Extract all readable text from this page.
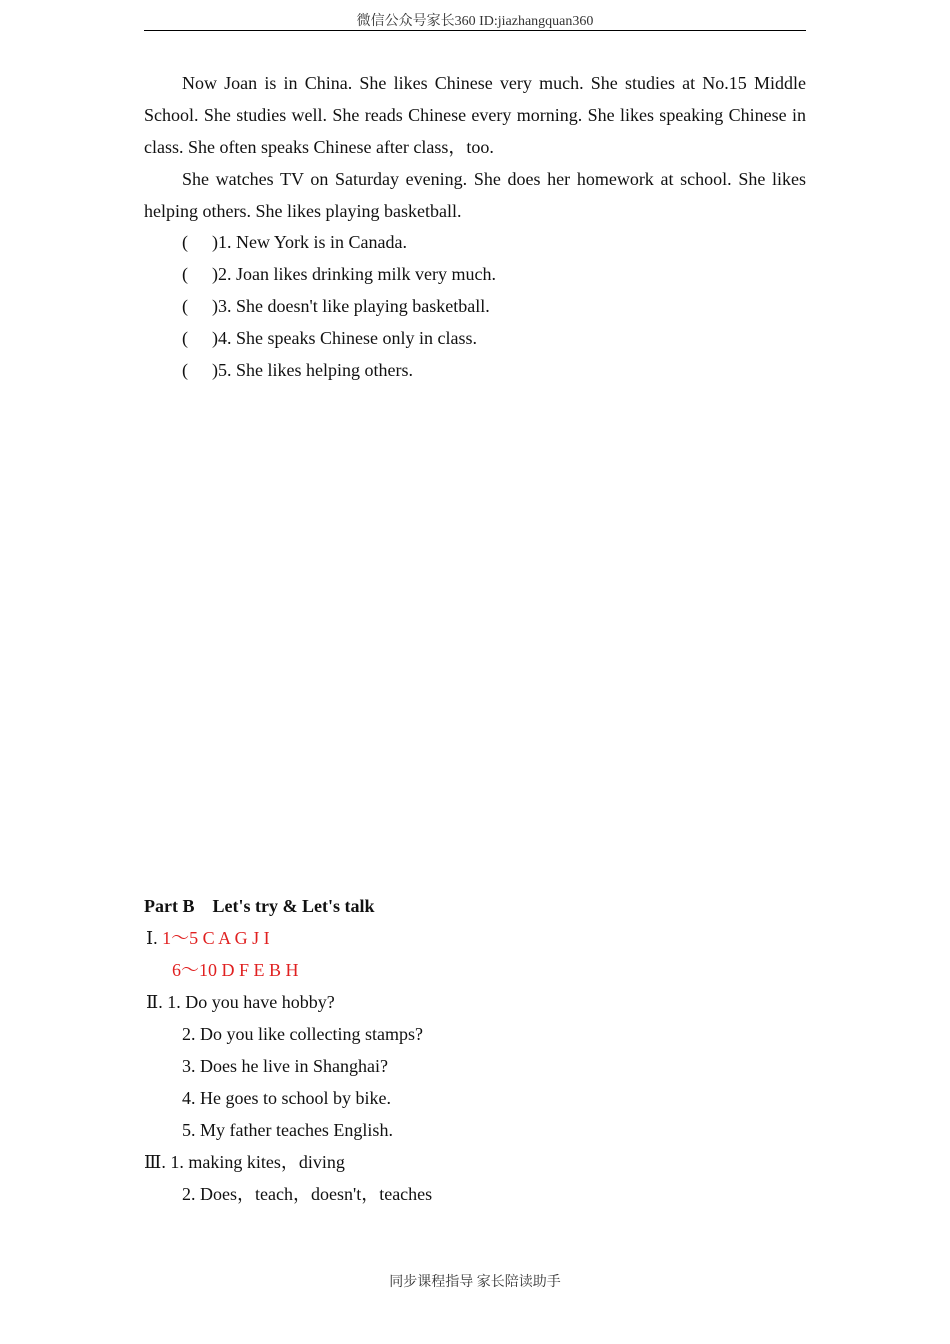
微信公众号家长360 ID:jiazhangquan360

Now Joan is in China. She likes Chinese very much. She studies at No.15 Middle School. She studies well. She reads Chinese every morning. She likes speaking Chinese in class. She often speaks Chinese after class，too.

She watches TV on Saturday evening. She does her homework at school. She likes helping others. She likes playing basketball.

( )1. New York is in Canada.
( )2. Joan likes drinking milk very much.
( )3. She doesn't like playing basketball.
( )4. She speaks Chinese only in class.
( )5. She likes helping others.
Part B　Let's try & Let's talk
Ⅰ. 1～5 C A G J I
6～10 D F E B H
Ⅱ. 1. Do you have hobby?
2. Do you like collecting stamps?
3. Does he live in Shanghai?
4. He goes to school by bike.
5. My father teaches English.
Ⅲ. 1. making kites，diving
2. Does，teach，doesn't，teaches
同步课程指导 家长陪读助手
